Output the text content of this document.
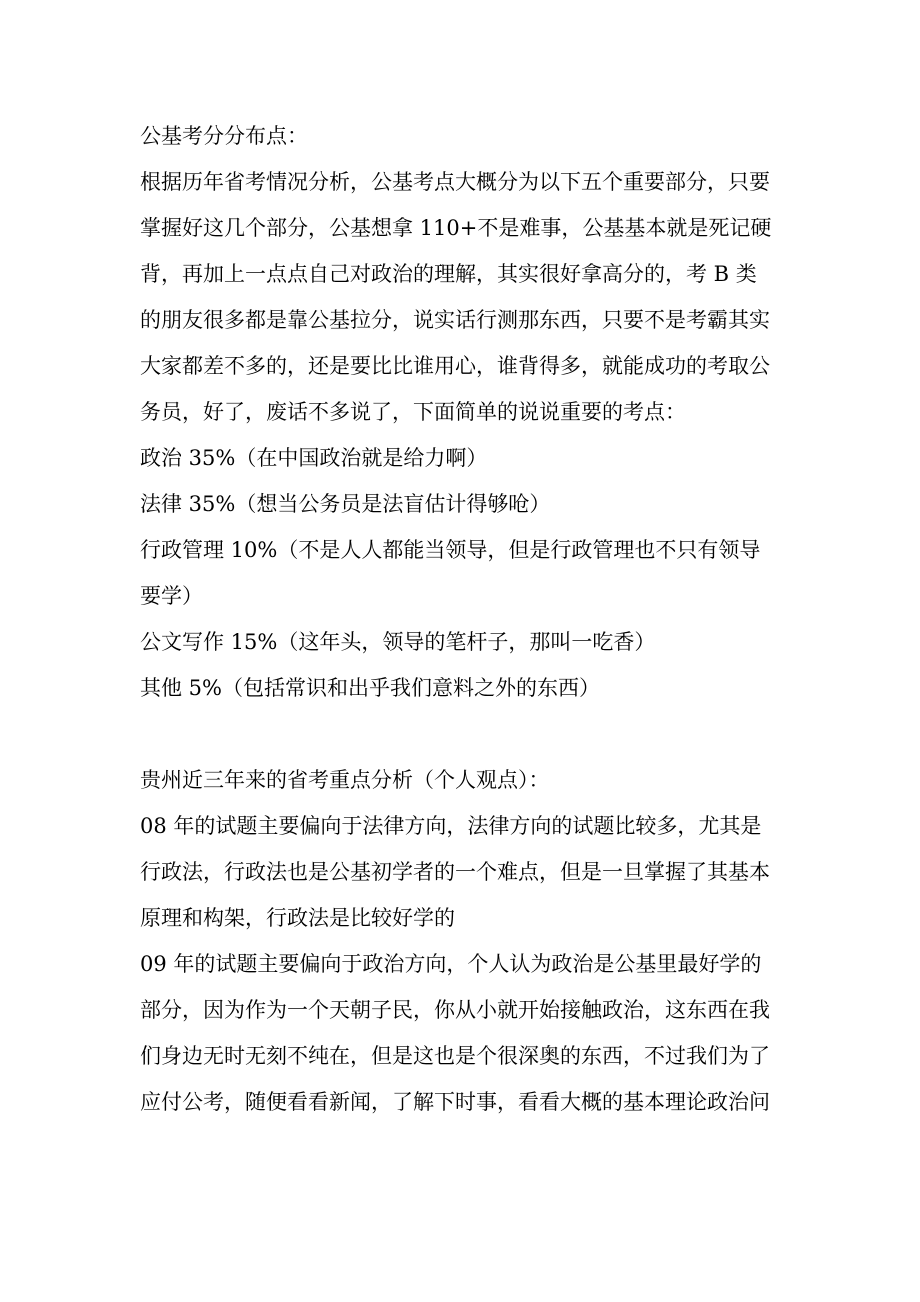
公基考分分布点：
根据历年省考情况分析，公基考点大概分为以下五个重要部分，只要
掌握好这几个部分，公基想拿 110+不是难事，公基基本就是死记硬
背，再加上一点点自己对政治的理解，其实很好拿高分的，考 B 类
的朋友很多都是靠公基拉分，说实话行测那东西，只要不是考霸其实
大家都差不多的，还是要比比谁用心，谁背得多，就能成功的考取公
务员，好了，废话不多说了，下面简单的说说重要的考点：
政治 35%（在中国政治就是给力啊）
法律 35%（想当公务员是法盲估计得够呛）
行政管理 10%（不是人人都能当领导，但是行政管理也不只有领导
要学）
公文写作 15%（这年头，领导的笔杆子，那叫一吃香）
其他 5%（包括常识和出乎我们意料之外的东西）
贵州近三年来的省考重点分析（个人观点）：
08 年的试题主要偏向于法律方向，法律方向的试题比较多，尤其是
行政法，行政法也是公基初学者的一个难点，但是一旦掌握了其基本
原理和构架，行政法是比较好学的
09 年的试题主要偏向于政治方向，个人认为政治是公基里最好学的
部分，因为作为一个天朝子民，你从小就开始接触政治，这东西在我
们身边无时无刻不纯在，但是这也是个很深奥的东西，不过我们为了
应付公考，随便看看新闻，了解下时事，看看大概的基本理论政治问
